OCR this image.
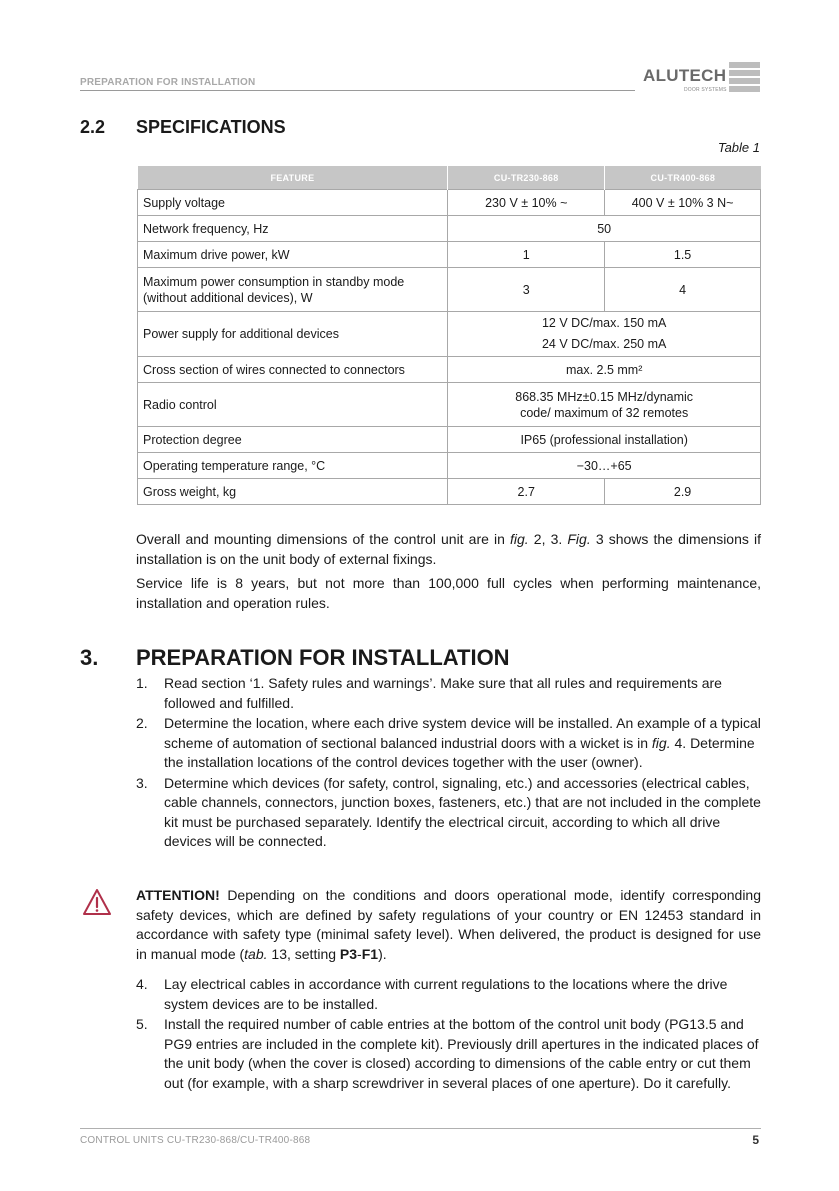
PREPARATION FOR INSTALLATION	ALUTECH
DOOR SYSTEMS
2.2 SPECIFICATIONS
Table 1
FEATURE	CU-TR230-868	CU-TR400-868
Supply voltage	230 V ± 10% ~	400 V ± 10% 3 N~
Network frequency, Hz	50	
Maximum drive power, kW	1	1.5
Maximum power consumption in standby mode (without additional devices), W	3	4
Power supply for additional devices	12 V DC/max. 150 mA
24 V DC/max. 250 mA	

Cross section of wires connected to connectors	max. 2.5 mm²	
Radio control	868.35 MHz±0.15 MHz/dynamic code/ maximum of 32 remotes	
Protection degree	IP65 (professional installation)	
Operating temperature range, °C	−30…+65	
Gross weight, kg	2.7	2.9
Overall and mounting dimensions of the control unit are in fig. 2, 3. Fig. 3 shows the dimensions if installation is on the unit body of external fixings.
Service life is 8 years, but not more than 100,000 full cycles when performing maintenance, installation and operation rules.
3. PREPARATION FOR INSTALLATION
1. Read section ‘1. Safety rules and warnings’. Make sure that all rules and requirements are followed and fulfilled.
2. Determine the location, where each drive system device will be installed. An example of a typical scheme of automation of sectional balanced industrial doors with a wicket is in fig. 4. Determine the installation locations of the control devices together with the user (owner).
3. Determine which devices (for safety, control, signaling, etc.) and accessories (electrical cables, cable channels, connectors, junction boxes, fasteners, etc.) that are not included in the complete kit must be purchased separately. Identify the electrical circuit, according to which all drive devices will be connected.
ATTENTION! Depending on the conditions and doors operational mode, identify corresponding safety devices, which are defined by safety regulations of your country or EN 12453 standard in accordance with safety type (minimal safety level). When delivered, the product is designed for use in manual mode (tab. 13, setting P3-F1).
4. Lay electrical cables in accordance with current regulations to the locations where the drive system devices are to be installed.
5. Install the required number of cable entries at the bottom of the control unit body (PG13.5 and PG9 entries are included in the complete kit). Previously drill apertures in the indicated places of the unit body (when the cover is closed) according to dimensions of the cable entry or cut them out (for example, with a sharp screwdriver in several places of one aperture). Do it carefully.
CONTROL UNITS CU-TR230-868/CU-TR400-868	5
